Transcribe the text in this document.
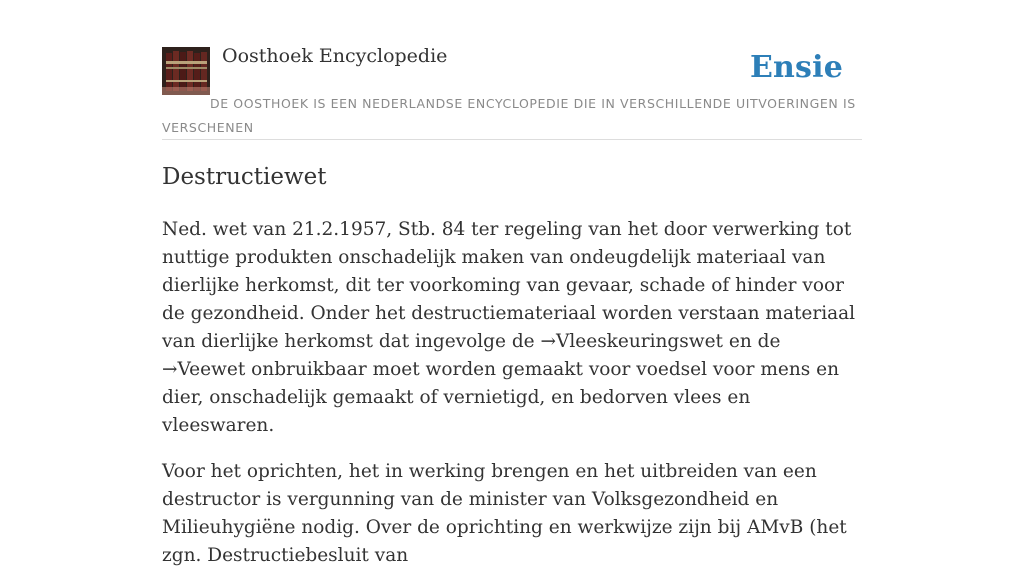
Oosthoek Encyclopedie	Ensie
DE OOSTHOEK IS EEN NEDERLANDSE ENCYCLOPEDIE DIE IN VERSCHILLENDE UITVOERINGEN IS VERSCHENEN
Destructiewet

Ned. wet van 21.2.1957, Stb. 84 ter regeling van het door verwerking tot nuttige produkten onschadelijk maken van ondeugdelijk materiaal van dierlijke herkomst, dit ter voorkoming van gevaar, schade of hinder voor de gezondheid. Onder het destructiemateriaal worden verstaan materiaal van dierlijke herkomst dat ingevolge de →Vleeskeuringswet en de →Veewet onbruikbaar moet worden gemaakt voor voedsel voor mens en dier, onschadelijk gemaakt of vernietigd, en bedorven vlees en vleeswaren.

Voor het oprichten, het in werking brengen en het uitbreiden van een destructor is vergunning van de minister van Volksgezondheid en Milieuhygiëne nodig. Over de oprichting en werkwijze zijn bij AMvB (het zgn. Destructiebesluit van
